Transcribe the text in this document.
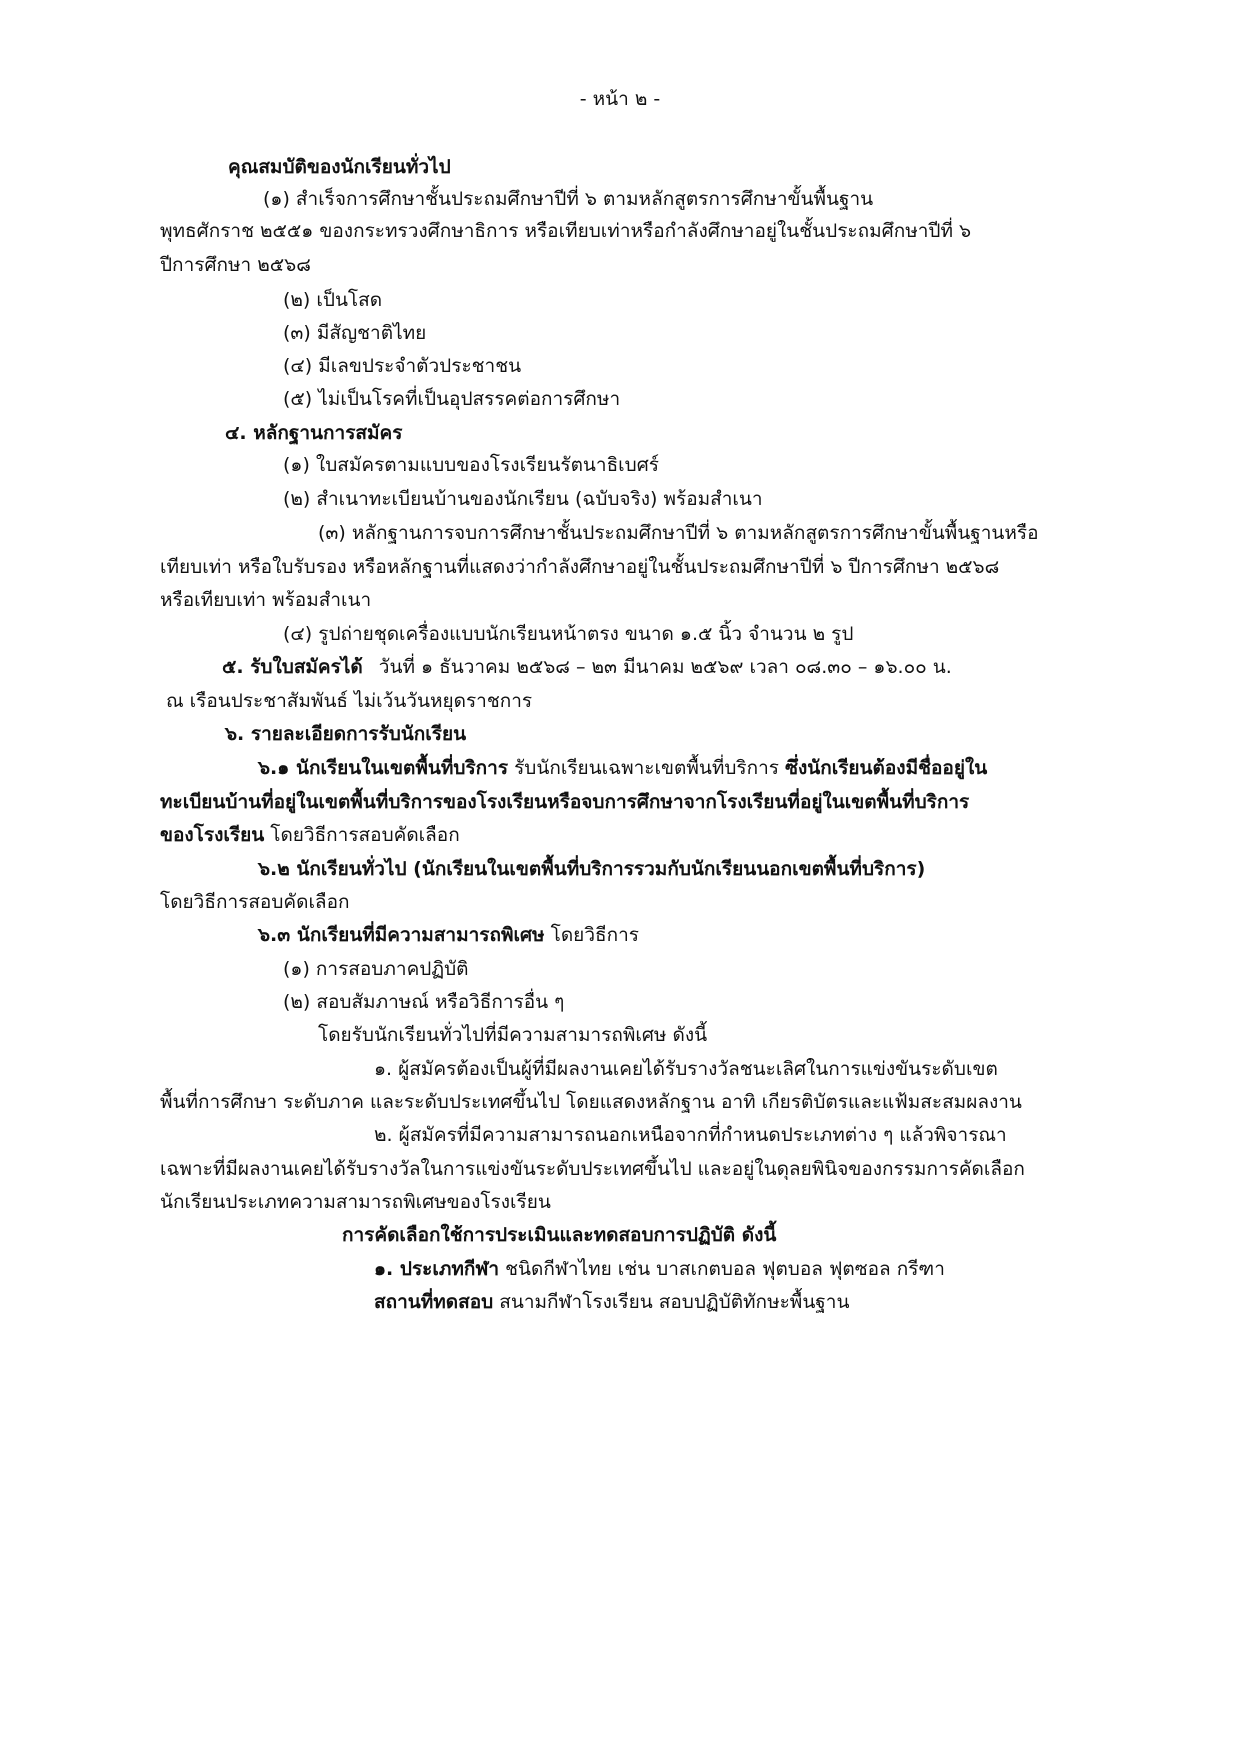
- หน้า ๒ -
คุณสมบัติของนักเรียนทั่วไป
(๑) สำเร็จการศึกษาชั้นประถมศึกษาปีที่ ๖ ตามหลักสูตรการศึกษาขั้นพื้นฐาน
พุทธศักราช ๒๕๕๑ ของกระทรวงศึกษาธิการ หรือเทียบเท่าหรือกำลังศึกษาอยู่ในชั้นประถมศึกษาปีที่ ๖
ปีการศึกษา ๒๕๖๘
(๒) เป็นโสด
(๓) มีสัญชาติไทย
(๔) มีเลขประจำตัวประชาชน
(๕) ไม่เป็นโรคที่เป็นอุปสรรคต่อการศึกษา
๔. หลักฐานการสมัคร
(๑) ใบสมัครตามแบบของโรงเรียนรัตนาธิเบศร์
(๒) สำเนาทะเบียนบ้านของนักเรียน (ฉบับจริง) พร้อมสำเนา
(๓) หลักฐานการจบการศึกษาชั้นประถมศึกษาปีที่ ๖ ตามหลักสูตรการศึกษาขั้นพื้นฐานหรือ
เทียบเท่า หรือใบรับรอง หรือหลักฐานที่แสดงว่ากำลังศึกษาอยู่ในชั้นประถมศึกษาปีที่ ๖ ปีการศึกษา ๒๕๖๘
หรือเทียบเท่า พร้อมสำเนา
(๔) รูปถ่ายชุดเครื่องแบบนักเรียนหน้าตรง ขนาด ๑.๕ นิ้ว จำนวน ๒ รูป
๕. รับใบสมัครได้ วันที่ ๑ ธันวาคม ๒๕๖๘ – ๒๓ มีนาคม ๒๕๖๙ เวลา ๐๘.๓๐ – ๑๖.๐๐ น.
ณ เรือนประชาสัมพันธ์ ไม่เว้นวันหยุดราชการ
๖. รายละเอียดการรับนักเรียน
๖.๑ นักเรียนในเขตพื้นที่บริการ รับนักเรียนเฉพาะเขตพื้นที่บริการ ซึ่งนักเรียนต้องมีชื่ออยู่ใน
ทะเบียนบ้านที่อยู่ในเขตพื้นที่บริการของโรงเรียนหรือจบการศึกษาจากโรงเรียนที่อยู่ในเขตพื้นที่บริการ
ของโรงเรียน โดยวิธีการสอบคัดเลือก
๖.๒ นักเรียนทั่วไป (นักเรียนในเขตพื้นที่บริการรวมกับนักเรียนนอกเขตพื้นที่บริการ)
โดยวิธีการสอบคัดเลือก
๖.๓ นักเรียนที่มีความสามารถพิเศษ โดยวิธีการ
(๑) การสอบภาคปฏิบัติ
(๒) สอบสัมภาษณ์ หรือวิธีการอื่น ๆ
โดยรับนักเรียนทั่วไปที่มีความสามารถพิเศษ ดังนี้
๑. ผู้สมัครต้องเป็นผู้ที่มีผลงานเคยได้รับรางวัลชนะเลิศในการแข่งขันระดับเขต
พื้นที่การศึกษา ระดับภาค และระดับประเทศขึ้นไป โดยแสดงหลักฐาน อาทิ เกียรติบัตรและแฟ้มสะสมผลงาน
๒. ผู้สมัครที่มีความสามารถนอกเหนือจากที่กำหนดประเภทต่าง ๆ แล้วพิจารณา
เฉพาะที่มีผลงานเคยได้รับรางวัลในการแข่งขันระดับประเทศขึ้นไป และอยู่ในดุลยพินิจของกรรมการคัดเลือก
นักเรียนประเภทความสามารถพิเศษของโรงเรียน
การคัดเลือกใช้การประเมินและทดสอบการปฏิบัติ ดังนี้
๑. ประเภทกีฬา ชนิดกีฬาไทย เช่น บาสเกตบอล ฟุตบอล ฟุตซอล กรีฑา
สถานที่ทดสอบ สนามกีฬาโรงเรียน สอบปฏิบัติทักษะพื้นฐาน
